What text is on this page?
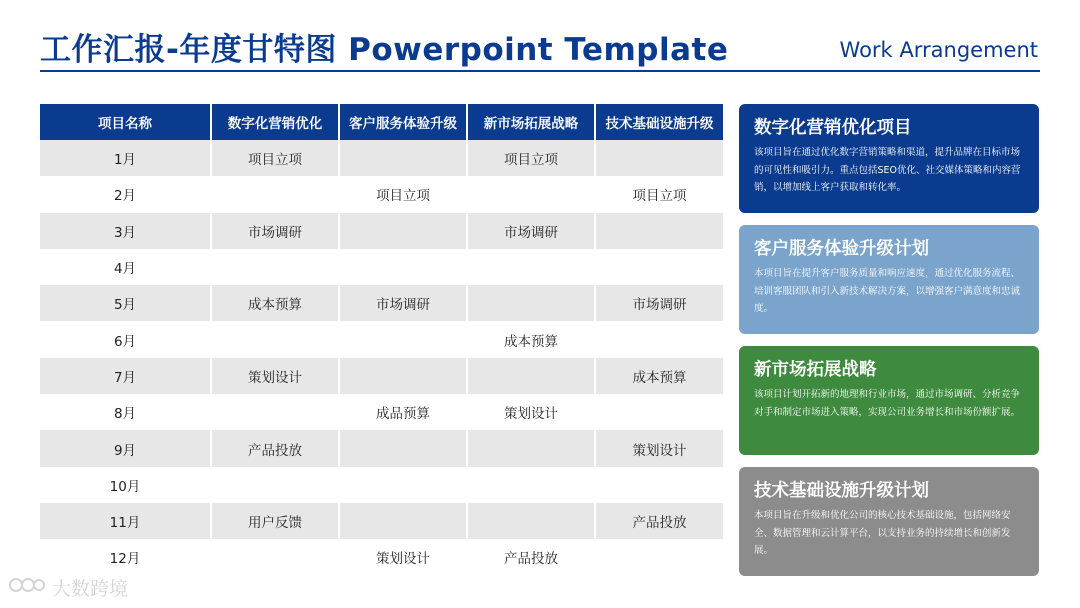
工作汇报-年度甘特图 Powerpoint Template	Work Arrangement
项目名称	数字化营销优化	客户服务体验升级	新市场拓展战略	技术基础设施升级
1月	项目立项		项目立项	
2月		项目立项		项目立项
3月	市场调研		市场调研	
4月				
5月	成本预算	市场调研		市场调研
6月			成本预算	
7月	策划设计			成本预算
8月		成品预算	策划设计	
9月	产品投放			策划设计
10月				
11月	用户反馈			产品投放
12月		策划设计	产品投放	
数字化营销优化项目
该项目旨在通过优化数字营销策略和渠道，提升品牌在目标市场的可见性和吸引力。重点包括SEO优化、社交媒体策略和内容营销，以增加线上客户获取和转化率。
客户服务体验升级计划
本项目旨在提升客户服务质量和响应速度，通过优化服务流程、培训客服团队和引入新技术解决方案，以增强客户满意度和忠诚度。
新市场拓展战略
该项目计划开拓新的地理和行业市场，通过市场调研、分析竞争对手和制定市场进入策略，实现公司业务增长和市场份额扩展。
技术基础设施升级计划
本项目旨在升级和优化公司的核心技术基础设施，包括网络安全、数据管理和云计算平台，以支持业务的持续增长和创新发展。
大数跨境
